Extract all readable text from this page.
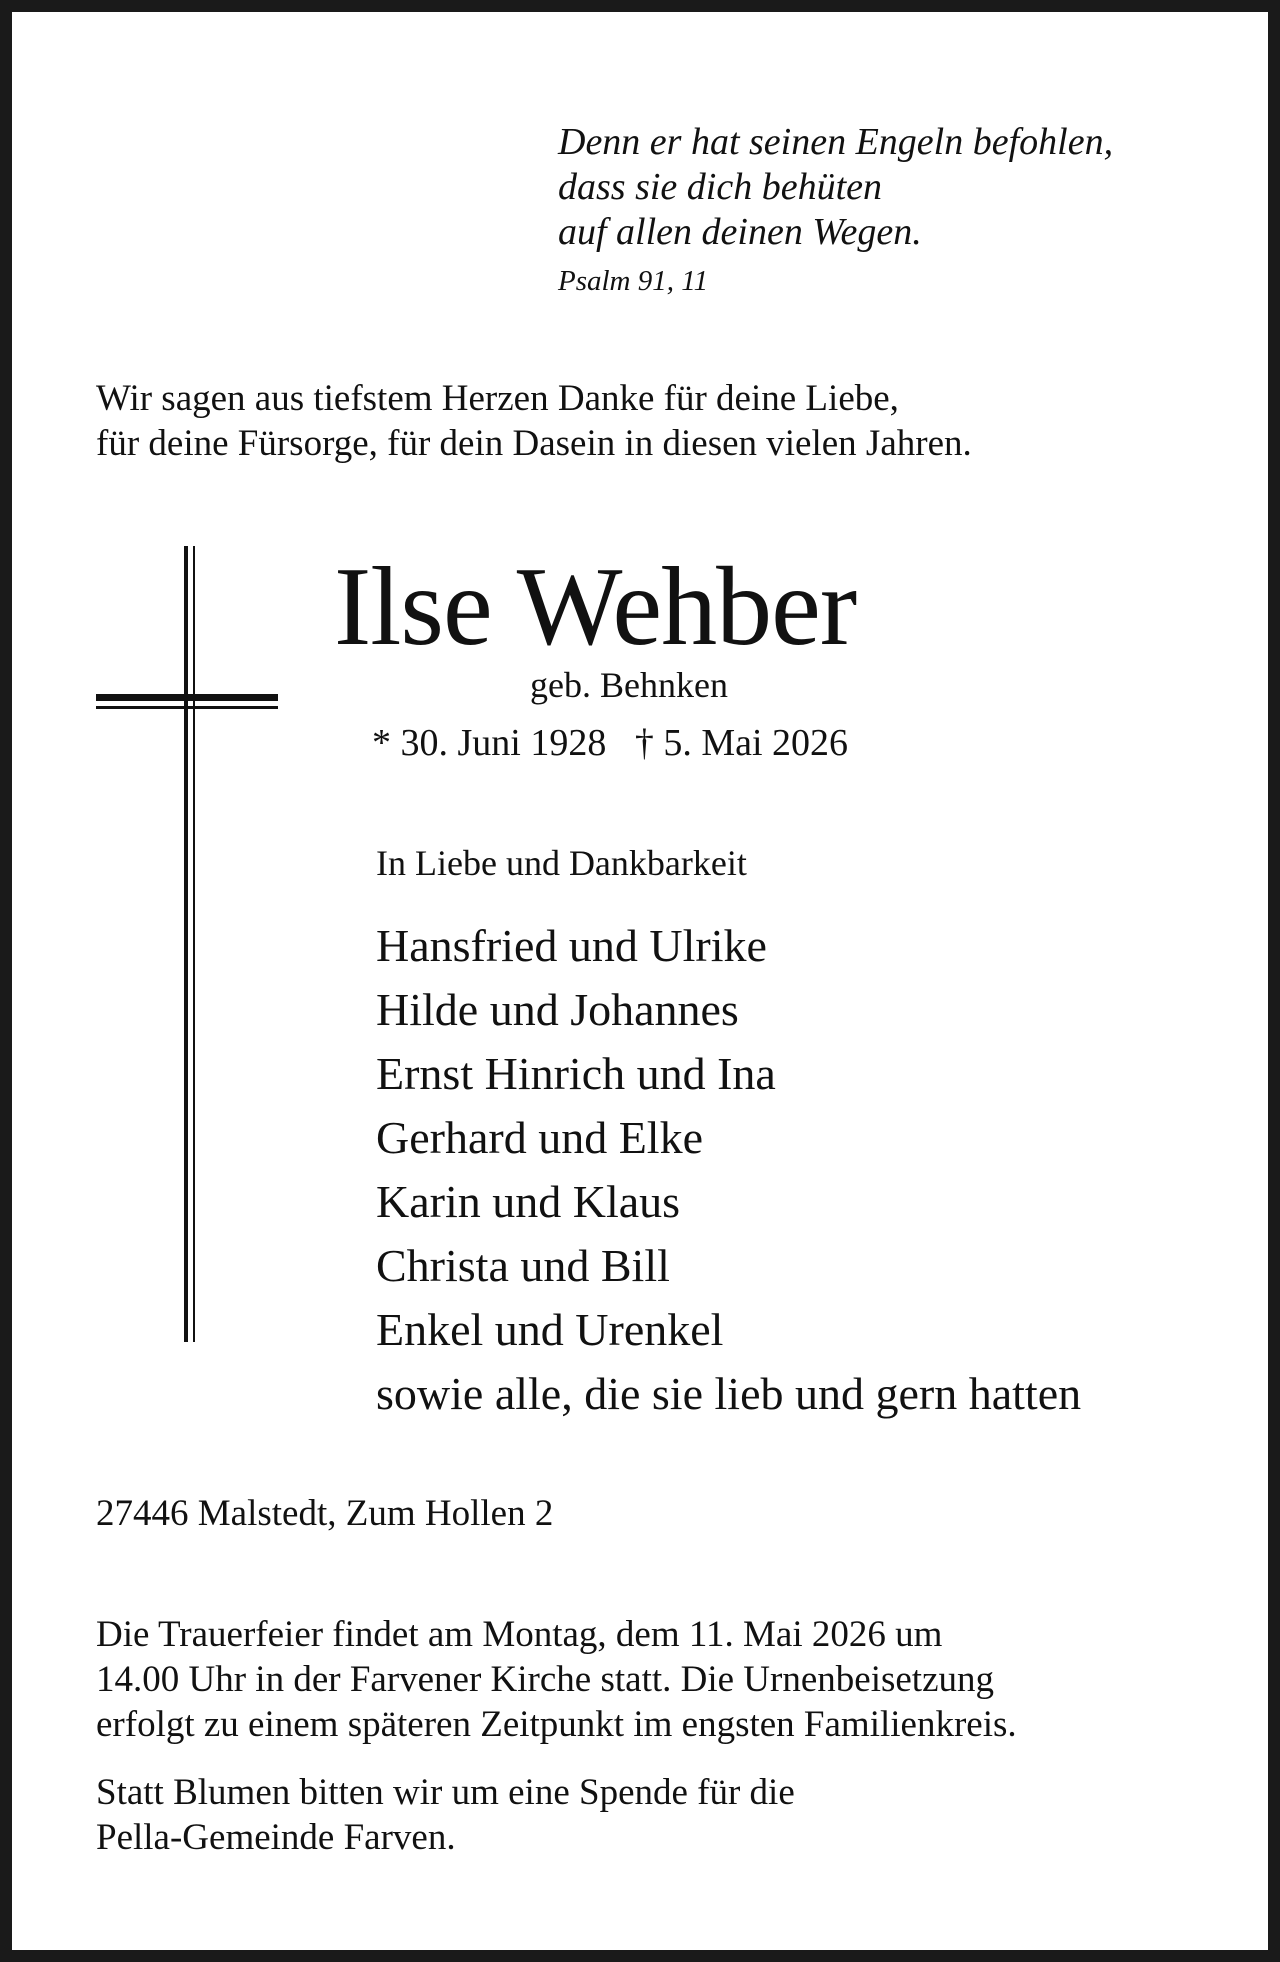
Denn er hat seinen Engeln befohlen,
dass sie dich behüten
auf allen deinen Wegen.
Psalm 91, 11
Wir sagen aus tiefstem Herzen Danke für deine Liebe,
für deine Fürsorge, für dein Dasein in diesen vielen Jahren.
Ilse Wehber
geb. Behnken
* 30. Juni 1928   † 5. Mai 2026
In Liebe und Dankbarkeit
Hansfried und Ulrike
Hilde und Johannes
Ernst Hinrich und Ina
Gerhard und Elke
Karin und Klaus
Christa und Bill
Enkel und Urenkel
sowie alle, die sie lieb und gern hatten
27446 Malstedt, Zum Hollen 2
Die Trauerfeier findet am Montag, dem 11. Mai 2026 um
14.00 Uhr in der Farvener Kirche statt. Die Urnenbeisetzung
erfolgt zu einem späteren Zeitpunkt im engsten Familienkreis.
Statt Blumen bitten wir um eine Spende für die
Pella-Gemeinde Farven.
